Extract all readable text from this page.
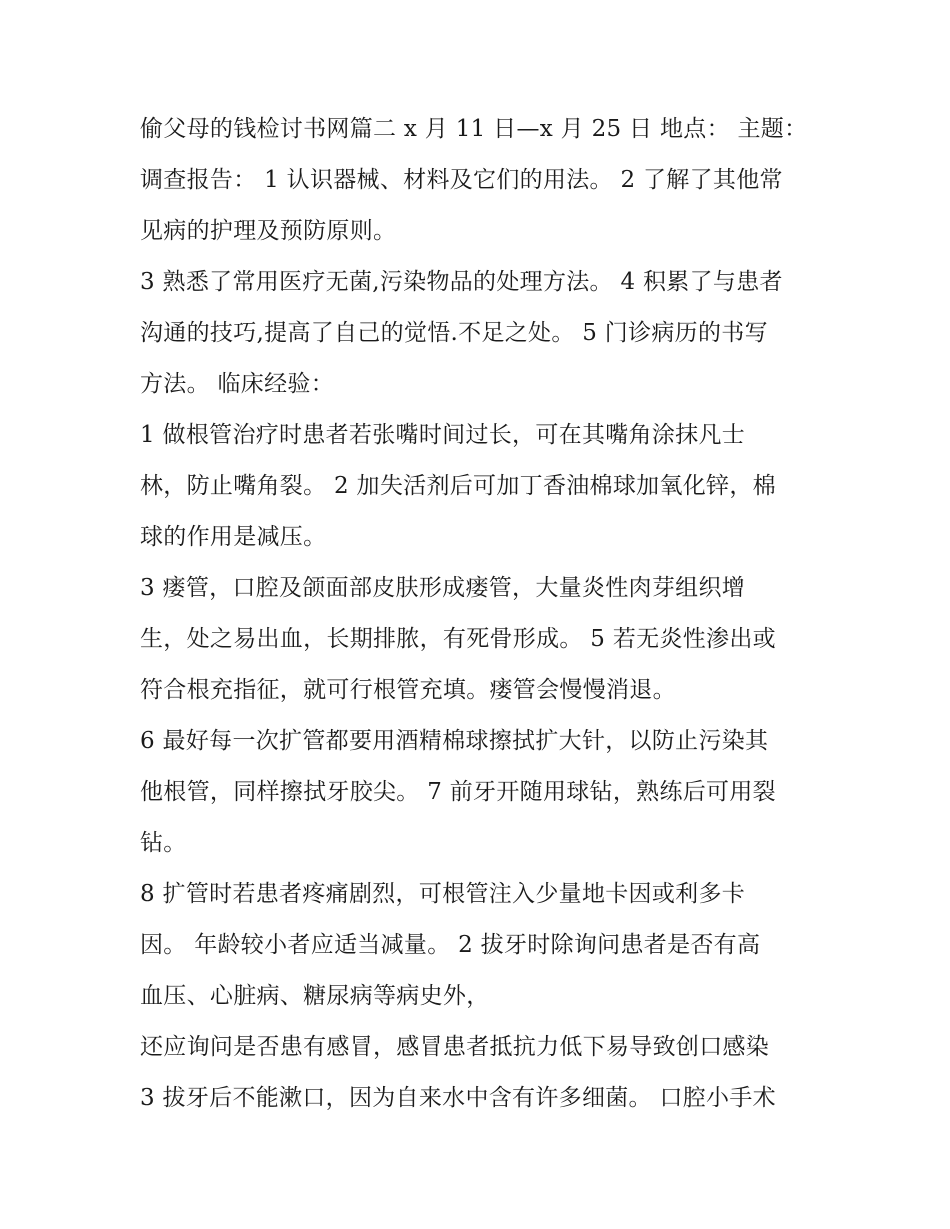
偷父母的钱检讨书网篇二 x 月 11 日—x 月 25 日 地点： 主题：
调查报告： 1 认识器械、材料及它们的用法。 2 了解了其他常
见病的护理及预防原则。
3 熟悉了常用医疗无菌,污染物品的处理方法。 4 积累了与患者
沟通的技巧,提高了自己的觉悟.不足之处。 5 门诊病历的书写
方法。 临床经验：
1 做根管治疗时患者若张嘴时间过长，可在其嘴角涂抹凡士
林，防止嘴角裂。 2 加失活剂后可加丁香油棉球加氧化锌，棉
球的作用是减压。
3 瘘管，口腔及颌面部皮肤形成瘘管，大量炎性肉芽组织增
生，处之易出血，长期排脓，有死骨形成。 5 若无炎性渗出或
符合根充指征，就可行根管充填。瘘管会慢慢消退。
6 最好每一次扩管都要用酒精棉球擦拭扩大针，以防止污染其
他根管，同样擦拭牙胶尖。 7 前牙开随用球钻，熟练后可用裂
钻。
8 扩管时若患者疼痛剧烈，可根管注入少量地卡因或利多卡
因。 年龄较小者应适当减量。 2 拔牙时除询问患者是否有高
血压、心脏病、糖尿病等病史外，
还应询问是否患有感冒，感冒患者抵抗力低下易导致创口感染
3 拔牙后不能漱口，因为自来水中含有许多细菌。 口腔小手术
